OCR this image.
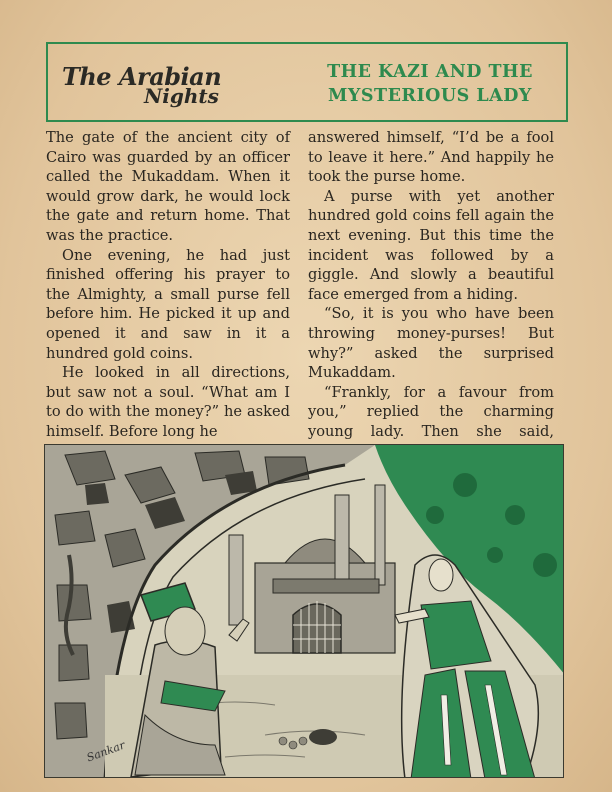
The Arabian
Nights
THE KAZI AND THE
MYSTERIOUS LADY

The gate of the ancient city of Cairo was guarded by an officer called the Mukaddam. When it would grow dark, he would lock the gate and return home. That was the practice.

One evening, he had just finished offering his prayer to the Almighty, a small purse fell before him. He picked it up and opened it and saw in it a hundred gold coins.

He looked in all directions, but saw not a soul. “What am I to do with the money?” he asked himself. Before long he

answered himself, “I’d be a fool to leave it here.” And happily he took the purse home.

A purse with yet another hundred gold coins fell again the next evening. But this time the incident was followed by a giggle. And slowly a beautiful face emerged from a hiding.

“So, it is you who have been throwing money-purses! But why?” asked the surprised Mukaddam.

“Frankly, for a favour from you,” replied the charming young lady. Then she said,

Sankar
